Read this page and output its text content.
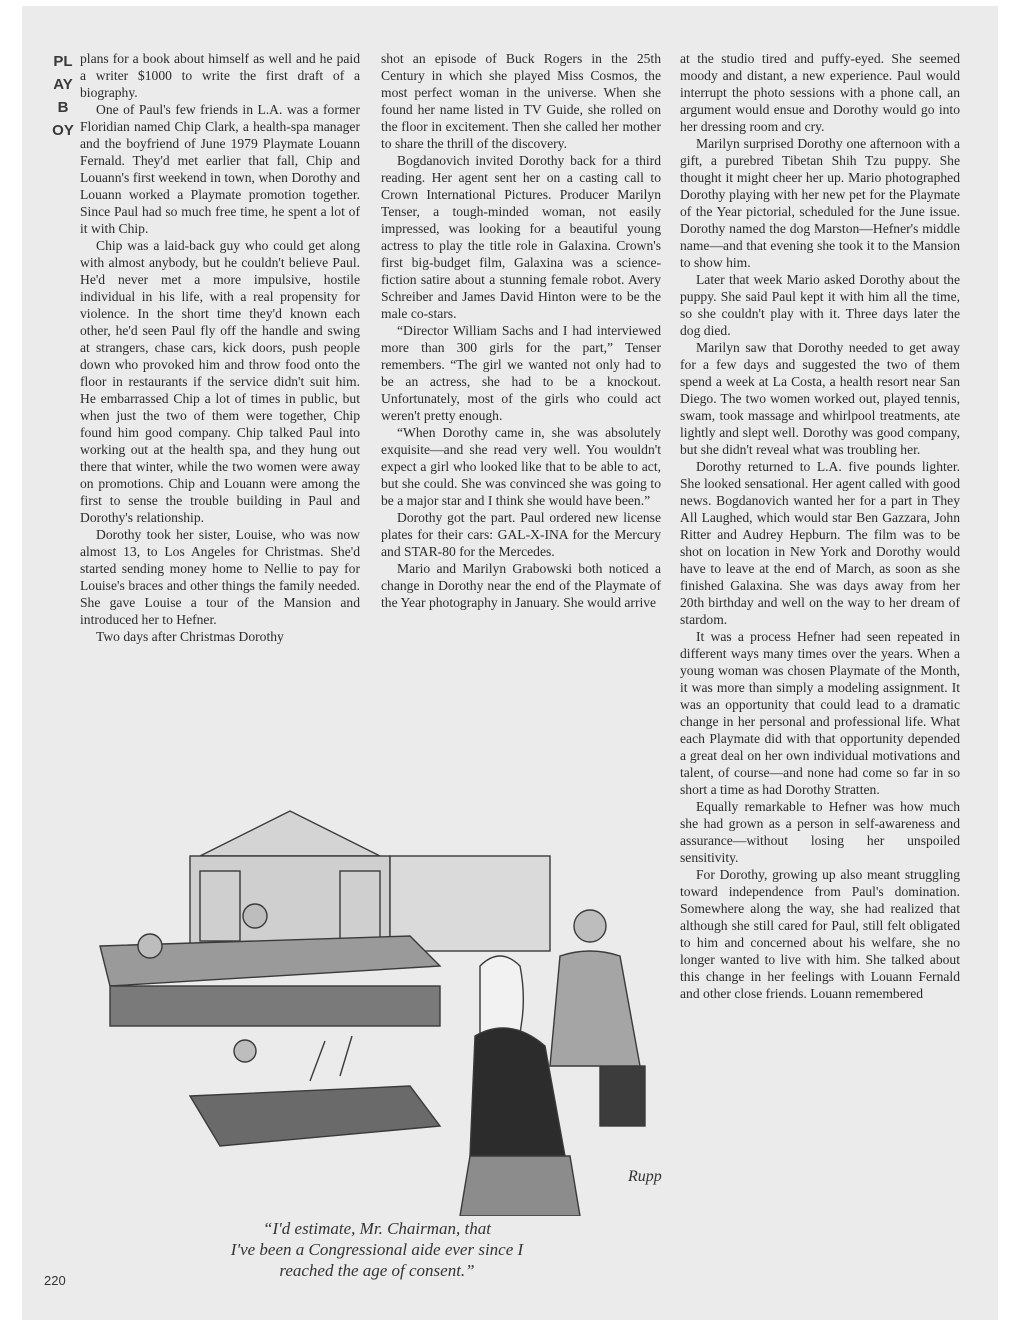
PLAYBOY

plans for a book about himself as well and he paid a writer $1000 to write the first draft of a biography.

One of Paul's few friends in L.A. was a former Floridian named Chip Clark, a health-spa manager and the boyfriend of June 1979 Playmate Louann Fernald. They'd met earlier that fall, Chip and Louann's first weekend in town, when Dorothy and Louann worked a Playmate promotion together. Since Paul had so much free time, he spent a lot of it with Chip.

Chip was a laid-back guy who could get along with almost anybody, but he couldn't believe Paul. He'd never met a more impulsive, hostile individual in his life, with a real propensity for violence. In the short time they'd known each other, he'd seen Paul fly off the handle and swing at strangers, chase cars, kick doors, push people down who provoked him and throw food onto the floor in restaurants if the service didn't suit him. He embarrassed Chip a lot of times in public, but when just the two of them were together, Chip found him good company. Chip talked Paul into working out at the health spa, and they hung out there that winter, while the two women were away on promotions. Chip and Louann were among the first to sense the trouble building in Paul and Dorothy's relationship.

Dorothy took her sister, Louise, who was now almost 13, to Los Angeles for Christmas. She'd started sending money home to Nellie to pay for Louise's braces and other things the family needed. She gave Louise a tour of the Mansion and introduced her to Hefner.

Two days after Christmas Dorothy

shot an episode of Buck Rogers in the 25th Century in which she played Miss Cosmos, the most perfect woman in the universe. When she found her name listed in TV Guide, she rolled on the floor in excitement. Then she called her mother to share the thrill of the discovery.

Bogdanovich invited Dorothy back for a third reading. Her agent sent her on a casting call to Crown International Pictures. Producer Marilyn Tenser, a tough-minded woman, not easily impressed, was looking for a beautiful young actress to play the title role in Galaxina. Crown's first big-budget film, Galaxina was a science-fiction satire about a stunning female robot. Avery Schreiber and James David Hinton were to be the male co-stars.

“Director William Sachs and I had interviewed more than 300 girls for the part,” Tenser remembers. “The girl we wanted not only had to be an actress, she had to be a knockout. Unfortunately, most of the girls who could act weren't pretty enough.

“When Dorothy came in, she was absolutely exquisite—and she read very well. You wouldn't expect a girl who looked like that to be able to act, but she could. She was convinced she was going to be a major star and I think she would have been.”

Dorothy got the part. Paul ordered new license plates for their cars: GAL-X-INA for the Mercury and STAR-80 for the Mercedes.

Mario and Marilyn Grabowski both noticed a change in Dorothy near the end of the Playmate of the Year photography in January. She would arrive

at the studio tired and puffy-eyed. She seemed moody and distant, a new experience. Paul would interrupt the photo sessions with a phone call, an argument would ensue and Dorothy would go into her dressing room and cry.

Marilyn surprised Dorothy one afternoon with a gift, a purebred Tibetan Shih Tzu puppy. She thought it might cheer her up. Mario photographed Dorothy playing with her new pet for the Playmate of the Year pictorial, scheduled for the June issue. Dorothy named the dog Marston—Hefner's middle name—and that evening she took it to the Mansion to show him.

Later that week Mario asked Dorothy about the puppy. She said Paul kept it with him all the time, so she couldn't play with it. Three days later the dog died.

Marilyn saw that Dorothy needed to get away for a few days and suggested the two of them spend a week at La Costa, a health resort near San Diego. The two women worked out, played tennis, swam, took massage and whirlpool treatments, ate lightly and slept well. Dorothy was good company, but she didn't reveal what was troubling her.

Dorothy returned to L.A. five pounds lighter. She looked sensational. Her agent called with good news. Bogdanovich wanted her for a part in They All Laughed, which would star Ben Gazzara, John Ritter and Audrey Hepburn. The film was to be shot on location in New York and Dorothy would have to leave at the end of March, as soon as she finished Galaxina. She was days away from her 20th birthday and well on the way to her dream of stardom.

It was a process Hefner had seen repeated in different ways many times over the years. When a young woman was chosen Playmate of the Month, it was more than simply a modeling assignment. It was an opportunity that could lead to a dramatic change in her personal and professional life. What each Playmate did with that opportunity depended a great deal on her own individual motivations and talent, of course—and none had come so far in so short a time as had Dorothy Stratten.

Equally remarkable to Hefner was how much she had grown as a person in self-awareness and assurance—without losing her unspoiled sensitivity.

For Dorothy, growing up also meant struggling toward independence from Paul's domination. Somewhere along the way, she had realized that although she still cared for Paul, still felt obligated to him and concerned about his welfare, she no longer wanted to live with him. She talked about this change in her feelings with Louann Fernald and other close friends. Louann remembered

Rupp
“I'd estimate, Mr. Chairman, that
I've been a Congressional aide ever since I
reached the age of consent.”
220
